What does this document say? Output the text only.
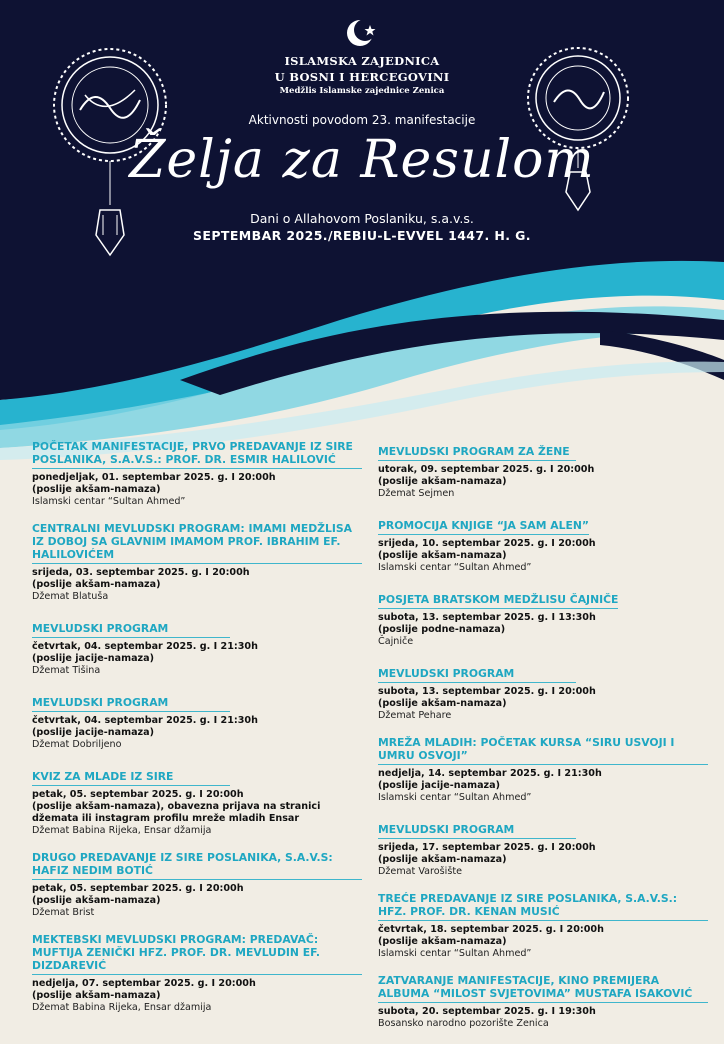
ISLAMSKA ZAJEDNICA
U BOSNI I HERCEGOVINI
Medžlis Islamske zajednice Zenica
Aktivnosti povodom 23. manifestacije
Želja za Resulom
Dani o Allahovom Poslaniku, s.a.v.s.
SEPTEMBAR 2025./REBIU-L-EVVEL 1447. H. G.
POČETAK MANIFESTACIJE, PRVO PREDAVANJE IZ SIRE POSLANIKA, S.A.V.S.: PROF. DR. ESMIR HALILOVIĆ
ponedjeljak, 01. septembar 2025. g. I 20:00h
(poslije akšam-namaza)
Islamski centar “Sultan Ahmed”
CENTRALNI MEVLUDSKI PROGRAM: IMAMI MEDŽLISA IZ DOBOJ SA GLAVNIM IMAMOM PROF. IBRAHIM EF. HALILOVIĆEM
srijeda, 03. septembar 2025. g. I 20:00h
(poslije akšam-namaza)
Džemat Blatuša
MEVLUDSKI PROGRAM
četvrtak, 04. septembar 2025. g. I 21:30h
(poslije jacije-namaza)
Džemat Tišina
MEVLUDSKI PROGRAM
četvrtak, 04. septembar 2025. g. I 21:30h
(poslije jacije-namaza)
Džemat Dobriljeno
KVIZ ZA MLADE IZ SIRE
petak, 05. septembar 2025. g. I 20:00h
(poslije akšam-namaza), obavezna prijava na stranici džemata ili instagram profilu mreže mladih Ensar
Džemat Babina Rijeka, Ensar džamija
DRUGO PREDAVANJE IZ SIRE POSLANIKA, S.A.V.S: HAFIZ NEDIM BOTIĆ
petak, 05. septembar 2025. g. I 20:00h
(poslije akšam-namaza)
Džemat Brist
MEKTEBSKI MEVLUDSKI PROGRAM: PREDAVAČ: MUFTIJA ZENIČKI HFZ. PROF. DR. MEVLUDIN EF. DIZDAREVIĆ
nedjelja, 07. septembar 2025. g. I 20:00h
(poslije akšam-namaza)
Džemat Babina Rijeka, Ensar džamija
MEVLUDSKI PROGRAM ZA ŽENE
utorak, 09. septembar 2025. g. I 20:00h
(poslije akšam-namaza)
Džemat Sejmen
PROMOCIJA KNJIGE “JA SAM ALEN”
srijeda, 10. septembar 2025. g. I 20:00h
(poslije akšam-namaza)
Islamski centar “Sultan Ahmed”
POSJETA BRATSKOM MEDŽLISU ČAJNIČE
subota, 13. septembar 2025. g. I 13:30h
(poslije podne-namaza)
Čajniče
MEVLUDSKI PROGRAM
subota, 13. septembar 2025. g. I 20:00h
(poslije akšam-namaza)
Džemat Pehare
MREŽA MLADIH: POČETAK KURSA “SIRU USVOJI I UMRU OSVOJI”
nedjelja, 14. septembar 2025. g. I 21:30h
(poslije jacije-namaza)
Islamski centar “Sultan Ahmed”
MEVLUDSKI PROGRAM
srijeda, 17. septembar 2025. g. I 20:00h
(poslije akšam-namaza)
Džemat Varošište
TREĆE PREDAVANJE IZ SIRE POSLANIKA, S.A.V.S.: HFZ. PROF. DR. KENAN MUSIĆ
četvrtak, 18. septembar 2025. g. I 20:00h
(poslije akšam-namaza)
Islamski centar “Sultan Ahmed”
ZATVARANJE MANIFESTACIJE, KINO PREMIJERA ALBUMA “MILOST SVJETOVIMA” MUSTAFA ISAKOVIĆ
subota, 20. septembar 2025. g. I 19:30h
Bosansko narodno pozorište Zenica
